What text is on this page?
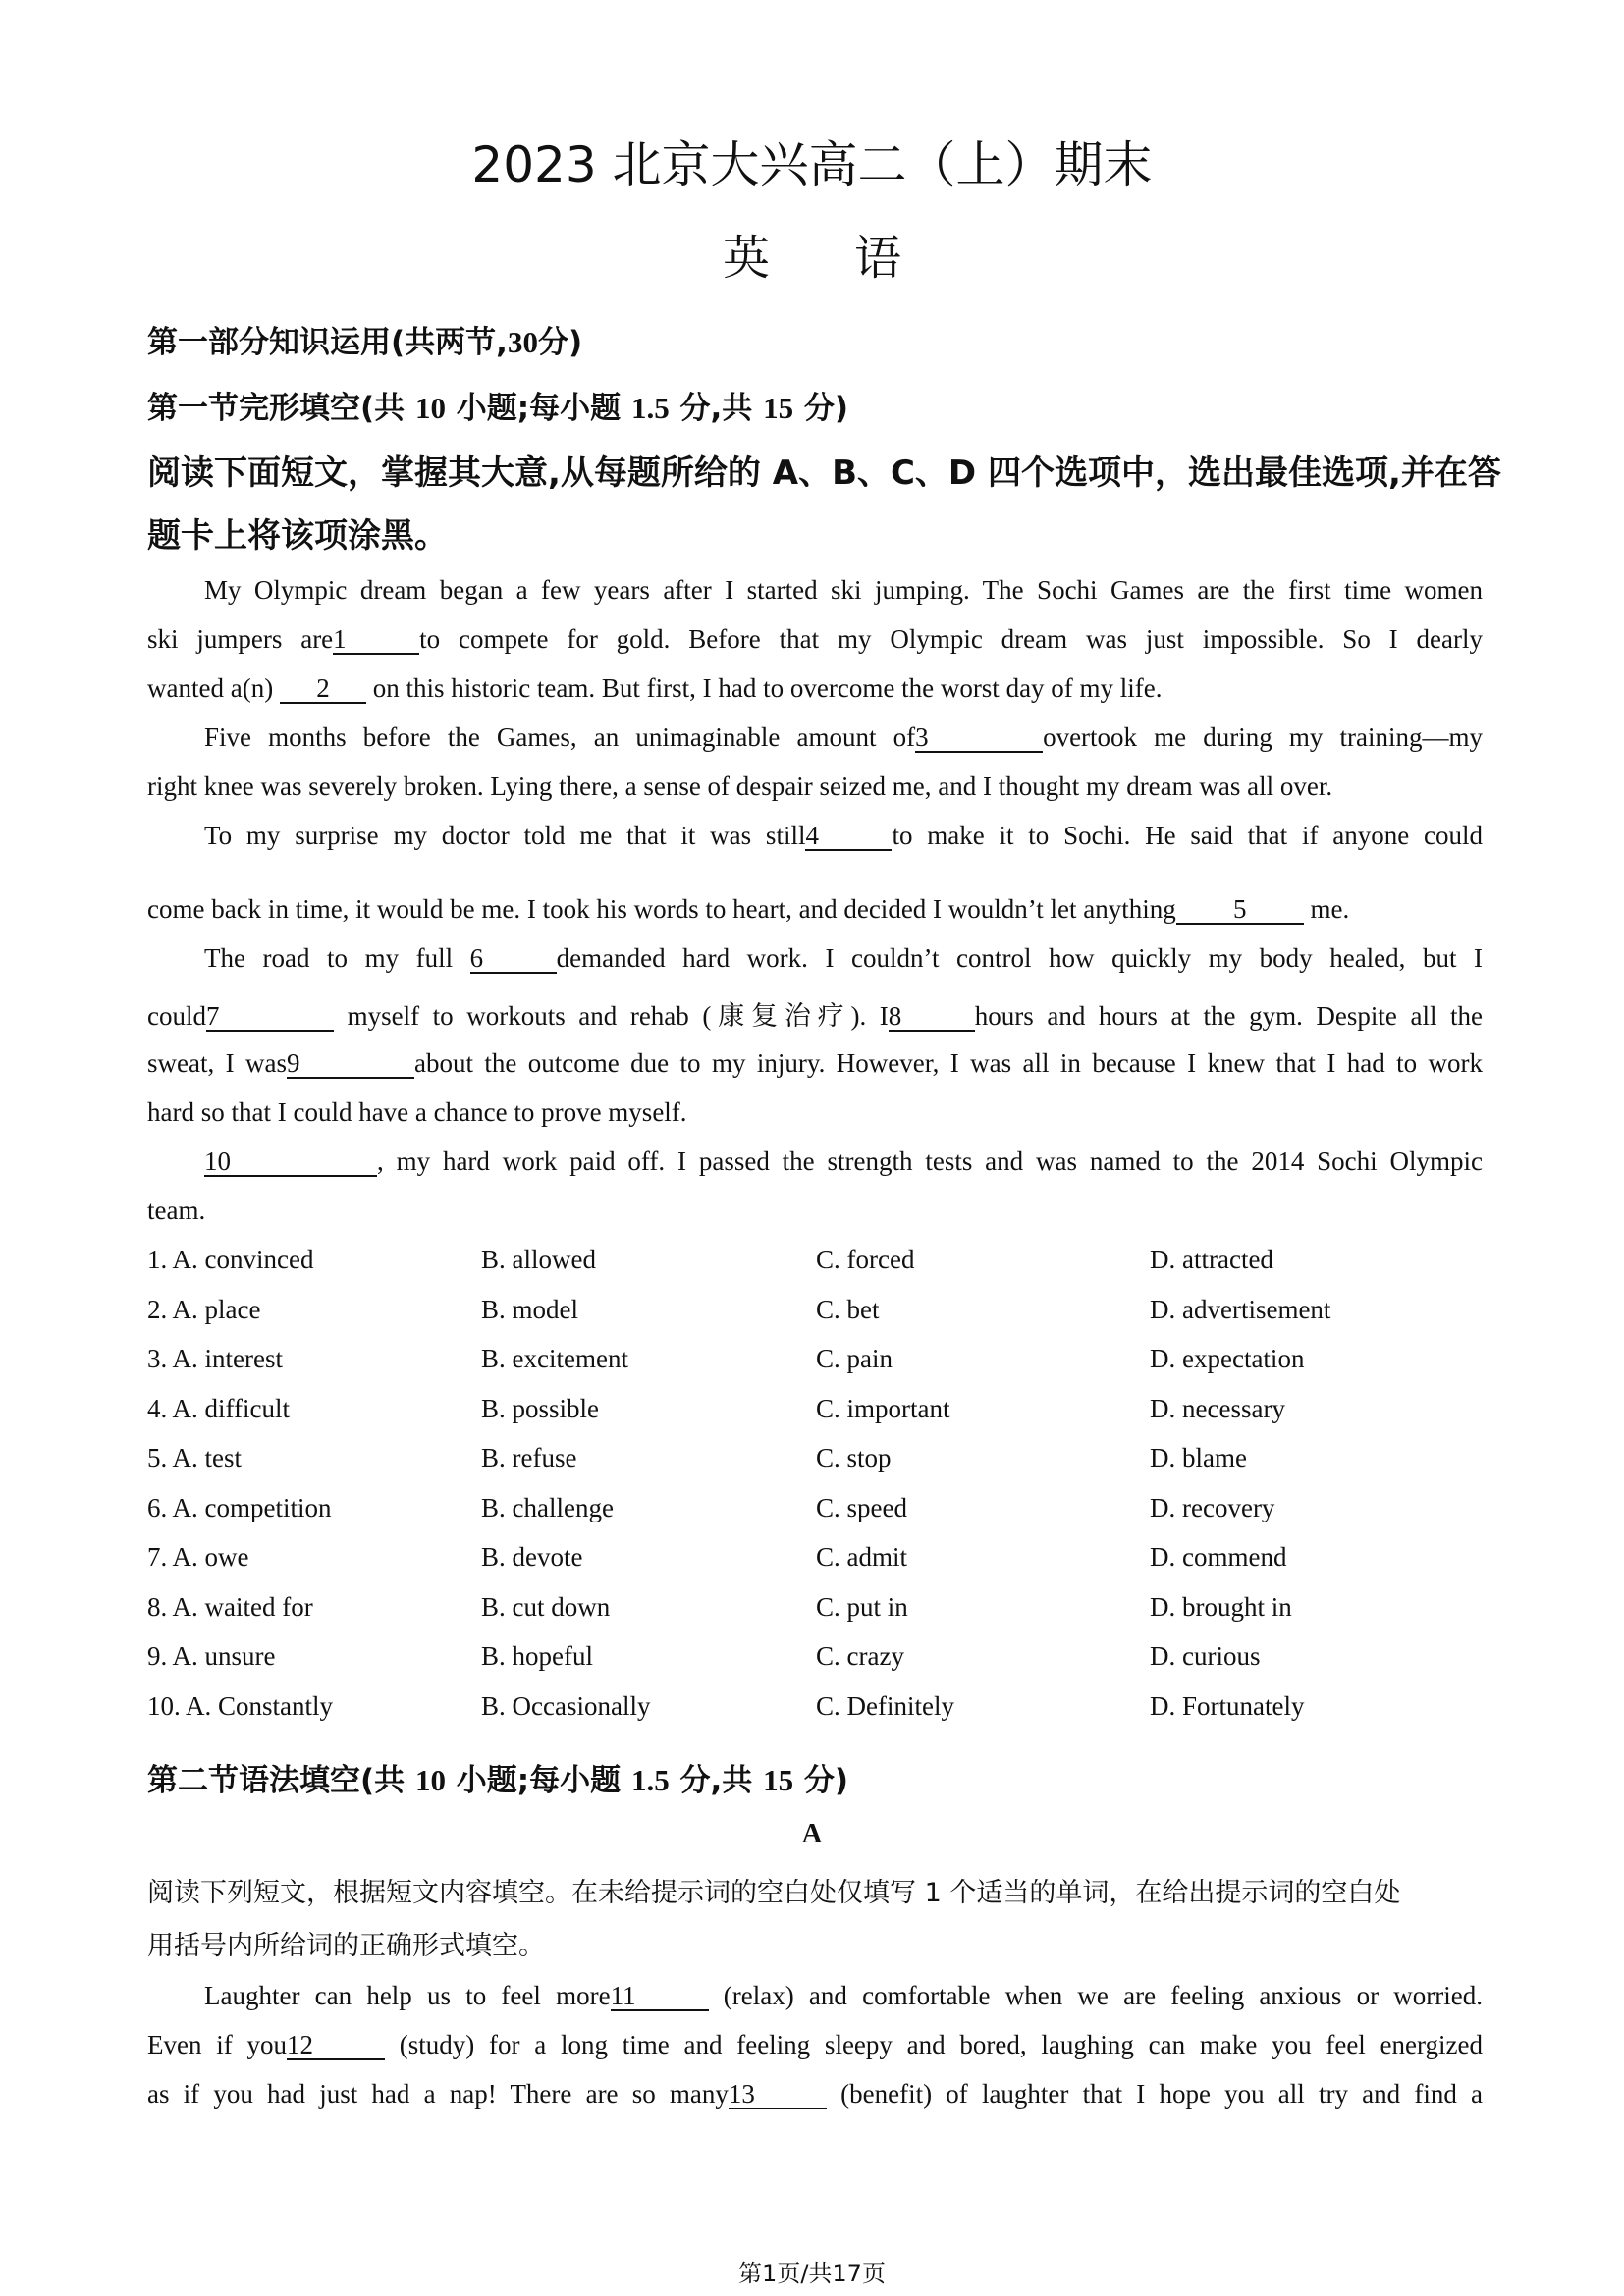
2023 北京大兴高二（上）期末
英语
第一部分知识运用(共两节,30分)
第一节完形填空(共 10 小题;每小题 1.5 分,共 15 分)
阅读下面短文，掌握其大意,从每题所给的 A、B、C、D 四个选项中，选出最佳选项,并在答
题卡上将该项涂黑。
My Olympic dream began a few years after I started ski jumping. The Sochi Games are the first time women
ski jumpers are1	to compete for gold. Before that my Olympic dream was just impossible. So I dearly
wanted a(n) 2 on this historic team. But first, I had to overcome the worst day of my life.
Five months before the Games, an unimaginable amount of3	overtook me during my training—my
right knee was severely broken. Lying there, a sense of despair seized me, and I thought my dream was all over.
To my surprise my doctor told me that it was still4	to make it to Sochi. He said that if anyone could
come back in time, it would be me. I took his words to heart, and decided I wouldn’t let anything 5 me.
The road to my full 6	demanded hard work. I couldn’t control how quickly my body healed, but I
could7	myself to workouts and rehab (康复治疗). I8	hours and hours at the gym. Despite all the
sweat, I was9	about the outcome due to my injury. However, I was all in because I knew that I had to work
hard so that I could have a chance to prove myself.
10	, my hard work paid off. I passed the strength tests and was named to the 2014 Sochi Olympic
team.
1. A. convinced	B. allowed	C. forced	D. attracted
2. A. place	B. model	C. bet	D. advertisement
3. A. interest	B. excitement	C. pain	D. expectation
4. A. difficult	B. possible	C. important	D. necessary
5. A. test	B. refuse	C. stop	D. blame
6. A. competition	B. challenge	C. speed	D. recovery
7. A. owe	B. devote	C. admit	D. commend
8. A. waited for	B. cut down	C. put in	D. brought in
9. A. unsure	B. hopeful	C. crazy	D. curious
10. A. Constantly	B. Occasionally	C. Definitely	D. Fortunately
第二节语法填空(共 10 小题;每小题 1.5 分,共 15 分)
A
阅读下列短文，根据短文内容填空。在未给提示词的空白处仅填写 1 个适当的单词，在给出提示词的空白处
用括号内所给词的正确形式填空。
Laughter can help us to feel more11	(relax) and comfortable when we are feeling anxious or worried.
Even if you12	(study) for a long time and feeling sleepy and bored, laughing can make you feel energized
as if you had just had a nap! There are so many13	(benefit) of laughter that I hope you all try and find a
第1页/共17页
